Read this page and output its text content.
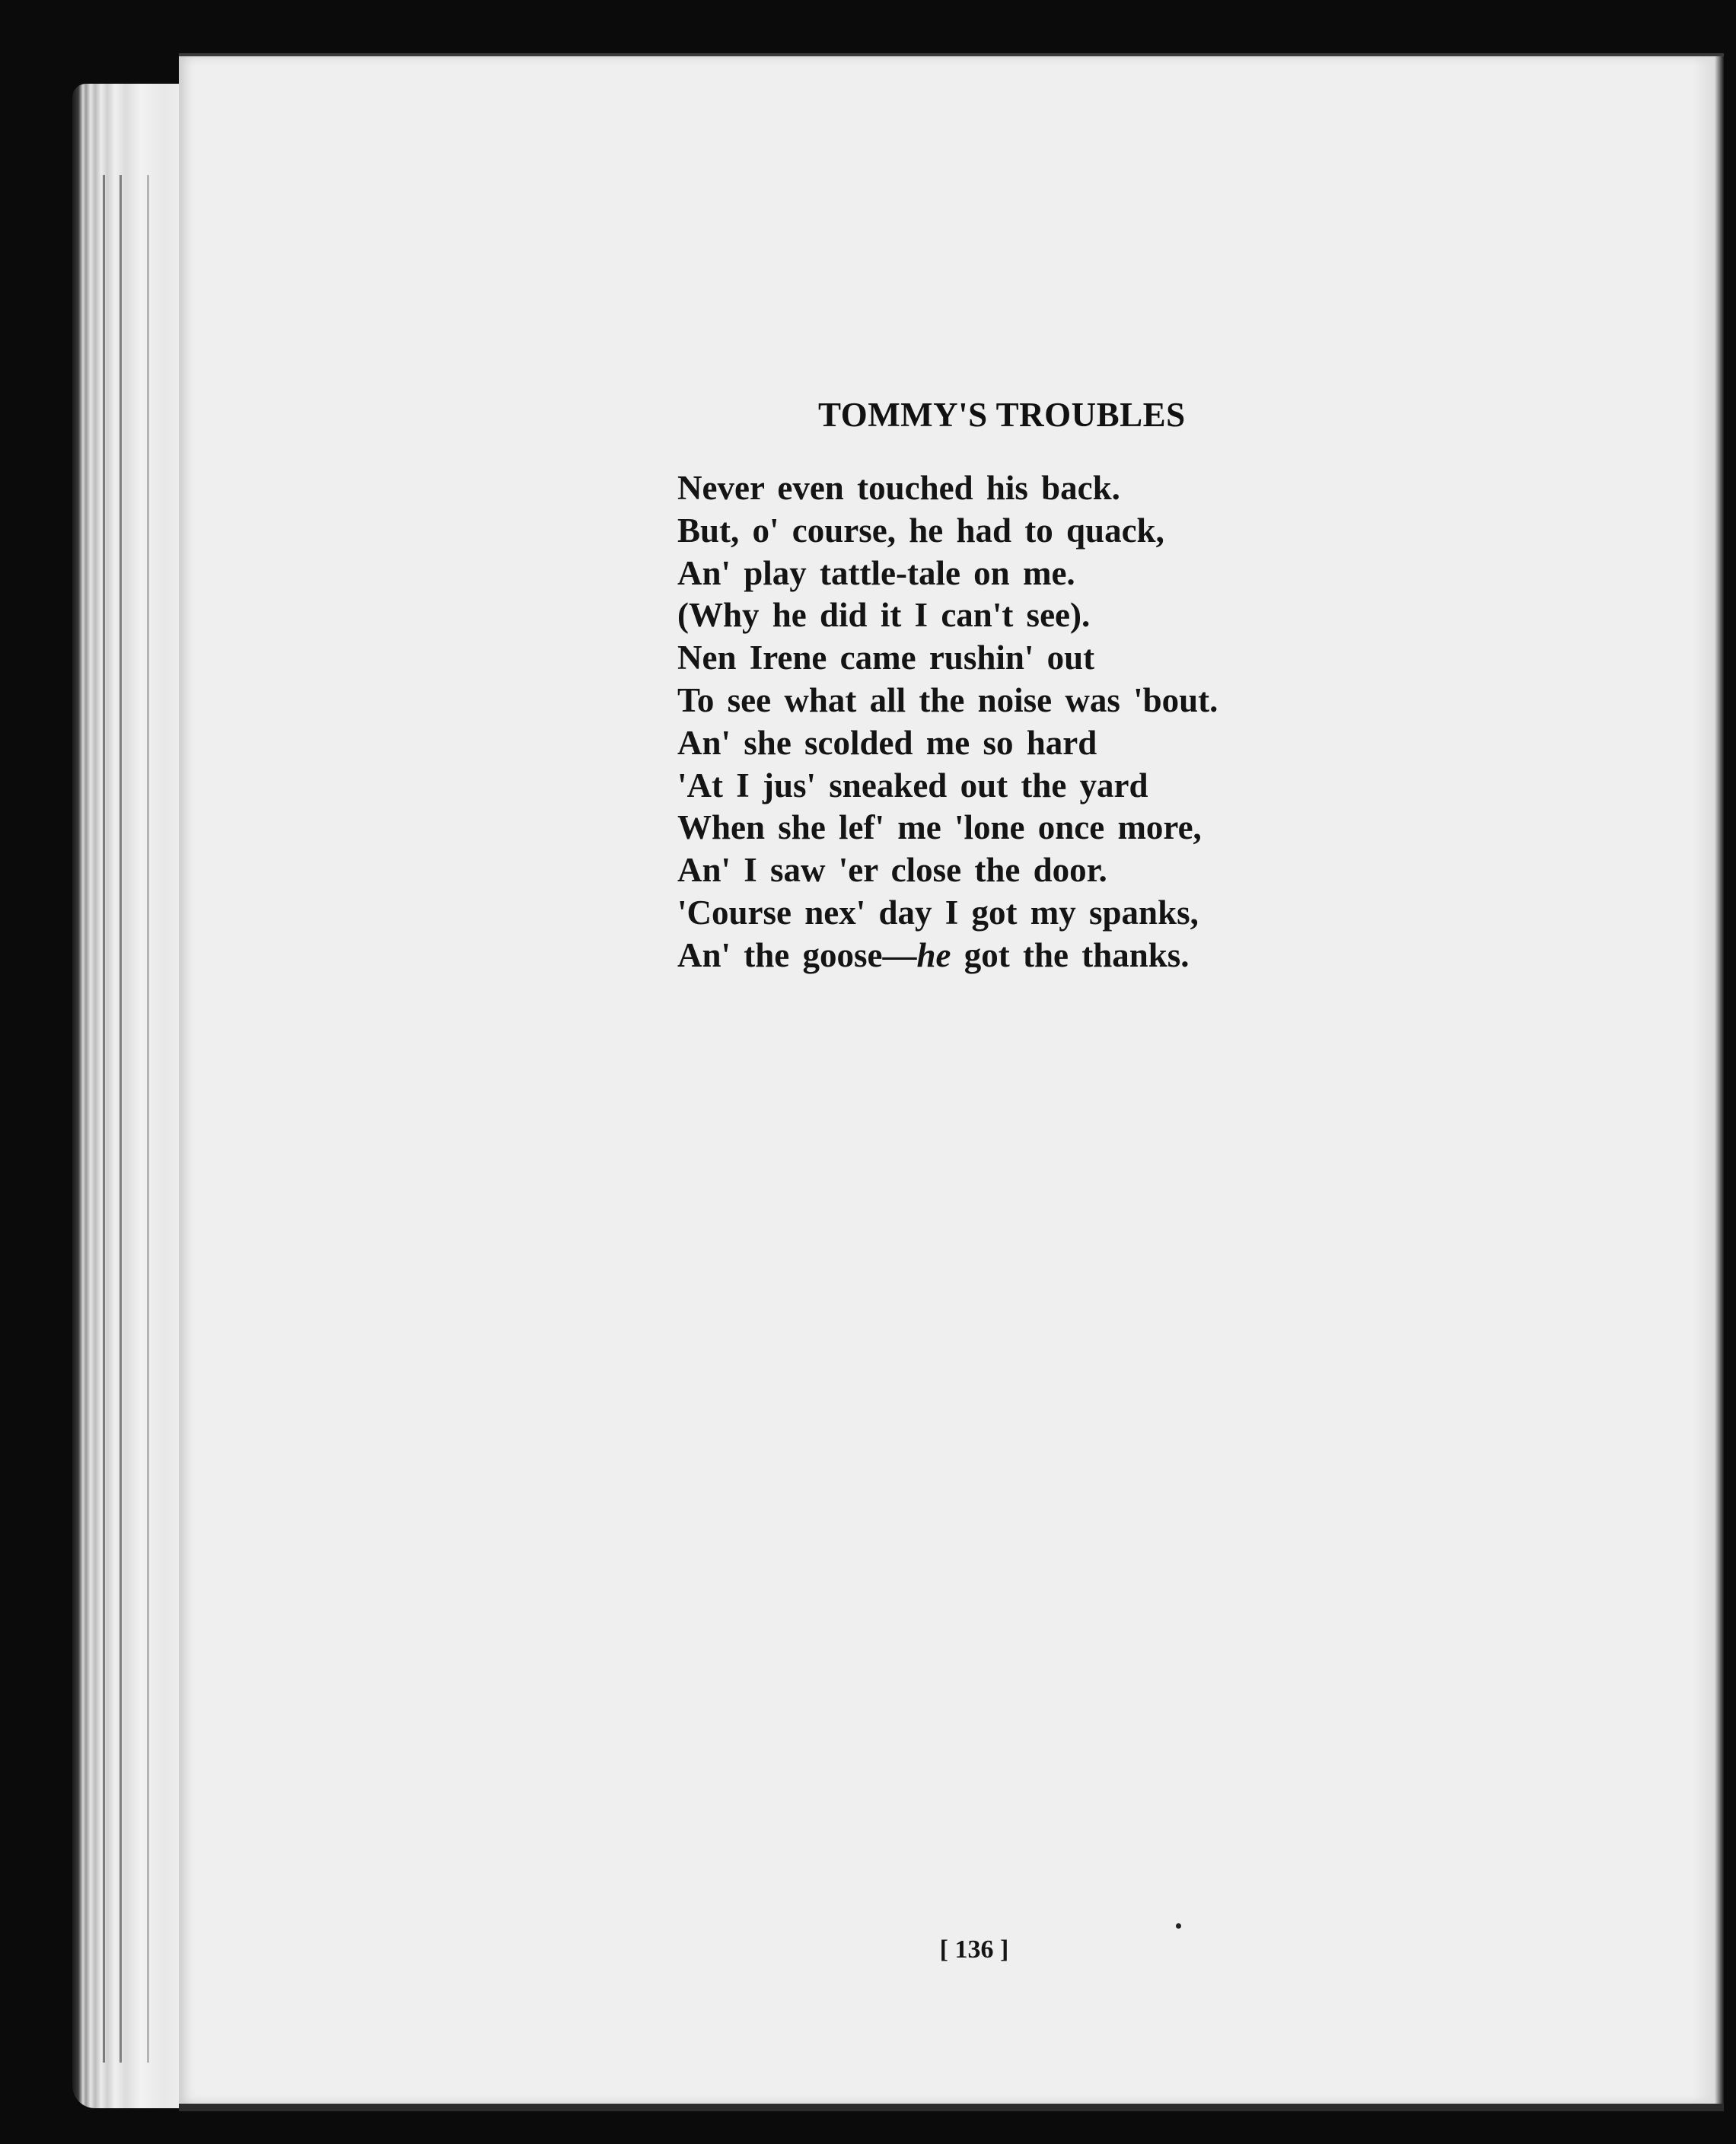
TOMMY'S TROUBLES

Never even touched his back.

But, o' course, he had to quack,

An' play tattle-tale on me.

(Why he did it I can't see).

Nen Irene came rushin' out

To see what all the noise was 'bout.

An' she scolded me so hard

'At I jus' sneaked out the yard

When she lef' me 'lone once more,

An' I saw 'er close the door.

'Course nex' day I got my spanks,

An' the goose—he got the thanks.

[ 136 ]
